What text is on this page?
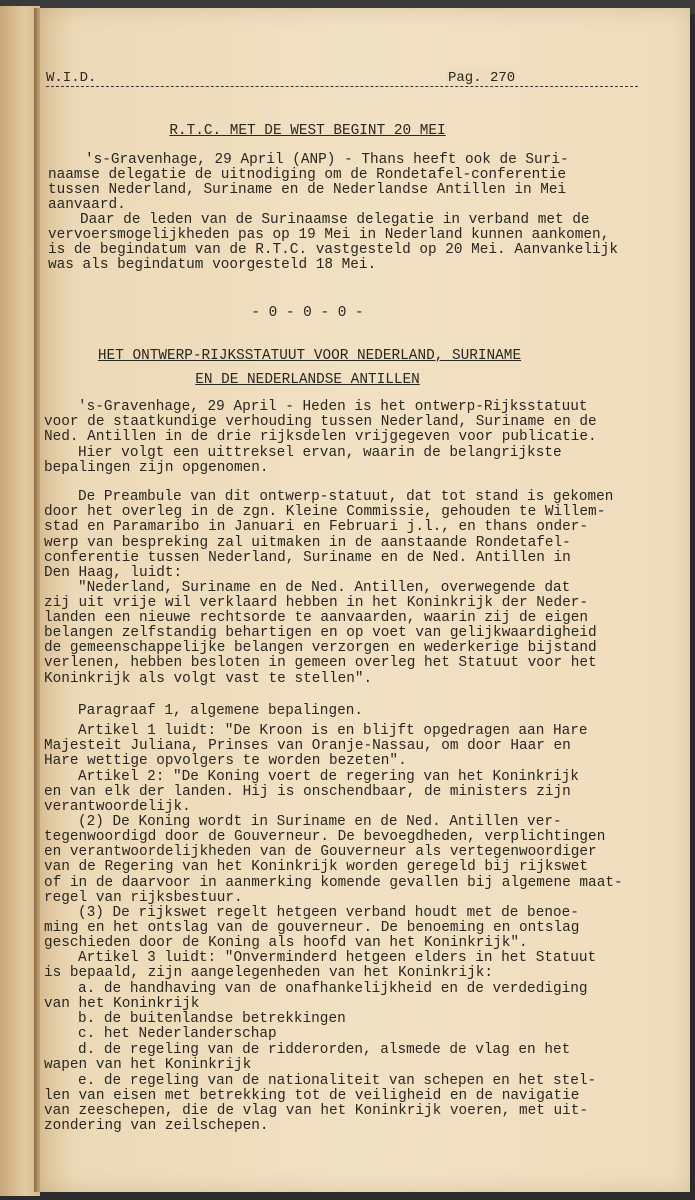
W.I.D.	Pag. 270
R.T.C. MET DE WEST BEGINT 20 MEI
's-Gravenhage, 29 April (ANP) - Thans heeft ook de Suri-
naamse delegatie de uitnodiging om de Rondetafel-conferentie
tussen Nederland, Suriname en de Nederlandse Antillen in Mei
aanvaard.
Daar de leden van de Surinaamse delegatie in verband met de
vervoersmogelijkheden pas op 19 Mei in Nederland kunnen aankomen,
is de begindatum van de R.T.C. vastgesteld op 20 Mei. Aanvankelijk
was als begindatum voorgesteld 18 Mei.
- 0 - 0 - 0 -
HET ONTWERP-RIJKSSTATUUT VOOR NEDERLAND, SURINAME
EN DE NEDERLANDSE ANTILLEN
's-Gravenhage, 29 April - Heden is het ontwerp-Rijksstatuut
voor de staatkundige verhouding tussen Nederland, Suriname en de
Ned. Antillen in de drie rijksdelen vrijgegeven voor publicatie.
Hier volgt een uittreksel ervan, waarin de belangrijkste
bepalingen zijn opgenomen.
De Preambule van dit ontwerp-statuut, dat tot stand is gekomen
door het overleg in de zgn. Kleine Commissie, gehouden te Willem-
stad en Paramaribo in Januari en Februari j.l., en thans onder-
werp van bespreking zal uitmaken in de aanstaande Rondetafel-
conferentie tussen Nederland, Suriname en de Ned. Antillen in
Den Haag, luidt:
"Nederland, Suriname en de Ned. Antillen, overwegende dat
zij uit vrije wil verklaard hebben in het Koninkrijk der Neder-
landen een nieuwe rechtsorde te aanvaarden, waarin zij de eigen
belangen zelfstandig behartigen en op voet van gelijkwaardigheid
de gemeenschappelijke belangen verzorgen en wederkerige bijstand
verlenen, hebben besloten in gemeen overleg het Statuut voor het
Koninkrijk als volgt vast te stellen".
Paragraaf 1, algemene bepalingen.
Artikel 1 luidt: "De Kroon is en blijft opgedragen aan Hare
Majesteit Juliana, Prinses van Oranje-Nassau, om door Haar en
Hare wettige opvolgers te worden bezeten".
Artikel 2: "De Koning voert de regering van het Koninkrijk
en van elk der landen. Hij is onschendbaar, de ministers zijn
verantwoordelijk.
(2) De Koning wordt in Suriname en de Ned. Antillen ver-
tegenwoordigd door de Gouverneur. De bevoegdheden, verplichtingen
en verantwoordelijkheden van de Gouverneur als vertegenwoordiger
van de Regering van het Koninkrijk worden geregeld bij rijkswet
of in de daarvoor in aanmerking komende gevallen bij algemene maat-
regel van rijksbestuur.
(3) De rijkswet regelt hetgeen verband houdt met de benoe-
ming en het ontslag van de gouverneur. De benoeming en ontslag
geschieden door de Koning als hoofd van het Koninkrijk".
Artikel 3 luidt: "Onverminderd hetgeen elders in het Statuut
is bepaald, zijn aangelegenheden van het Koninkrijk:
a. de handhaving van de onafhankelijkheid en de verdediging
van het Koninkrijk
b. de buitenlandse betrekkingen
c. het Nederlanderschap
d. de regeling van de ridderorden, alsmede de vlag en het
wapen van het Koninkrijk
e. de regeling van de nationaliteit van schepen en het stel-
len van eisen met betrekking tot de veiligheid en de navigatie
van zeeschepen, die de vlag van het Koninkrijk voeren, met uit-
zondering van zeilschepen.
